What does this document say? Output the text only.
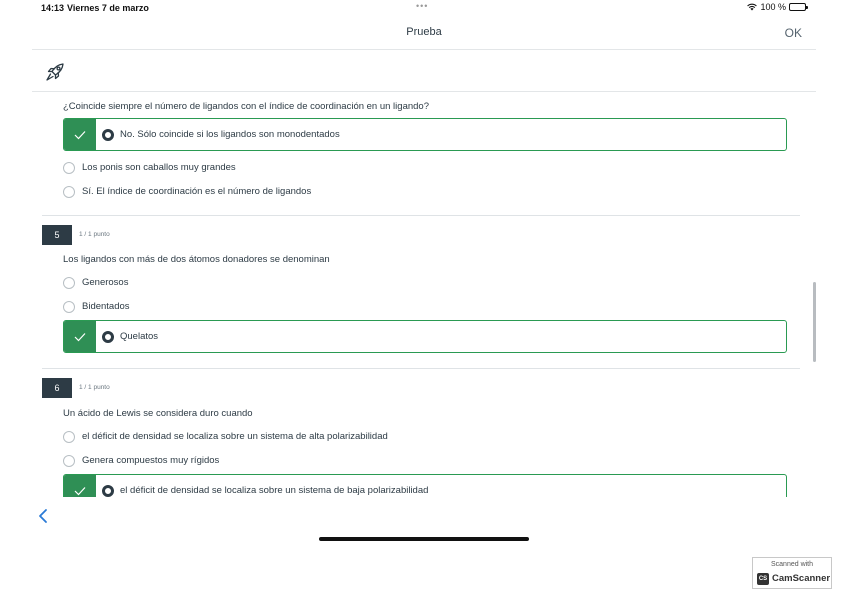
14:13 Viernes 7 de marzo	•••	100 %
Prueba	OK
¿Coincide siempre el número de ligandos con el índice de coordinación en un ligando?
No. Sólo coincide si los ligandos son monodentados
Los ponis son caballos muy grandes
Sí. El índice de coordinación es el número de ligandos
5	1 / 1 punto
Los ligandos con más de dos átomos donadores se denominan
Generosos
Bidentados
Quelatos
6	1 / 1 punto
Un ácido de Lewis se considera duro cuando
el déficit de densidad se localiza sobre un sistema de alta polarizabilidad
Genera compuestos muy rígidos
el déficit de densidad se localiza sobre un sistema de baja polarizabilidad
Scanned with
CS CamScanner
